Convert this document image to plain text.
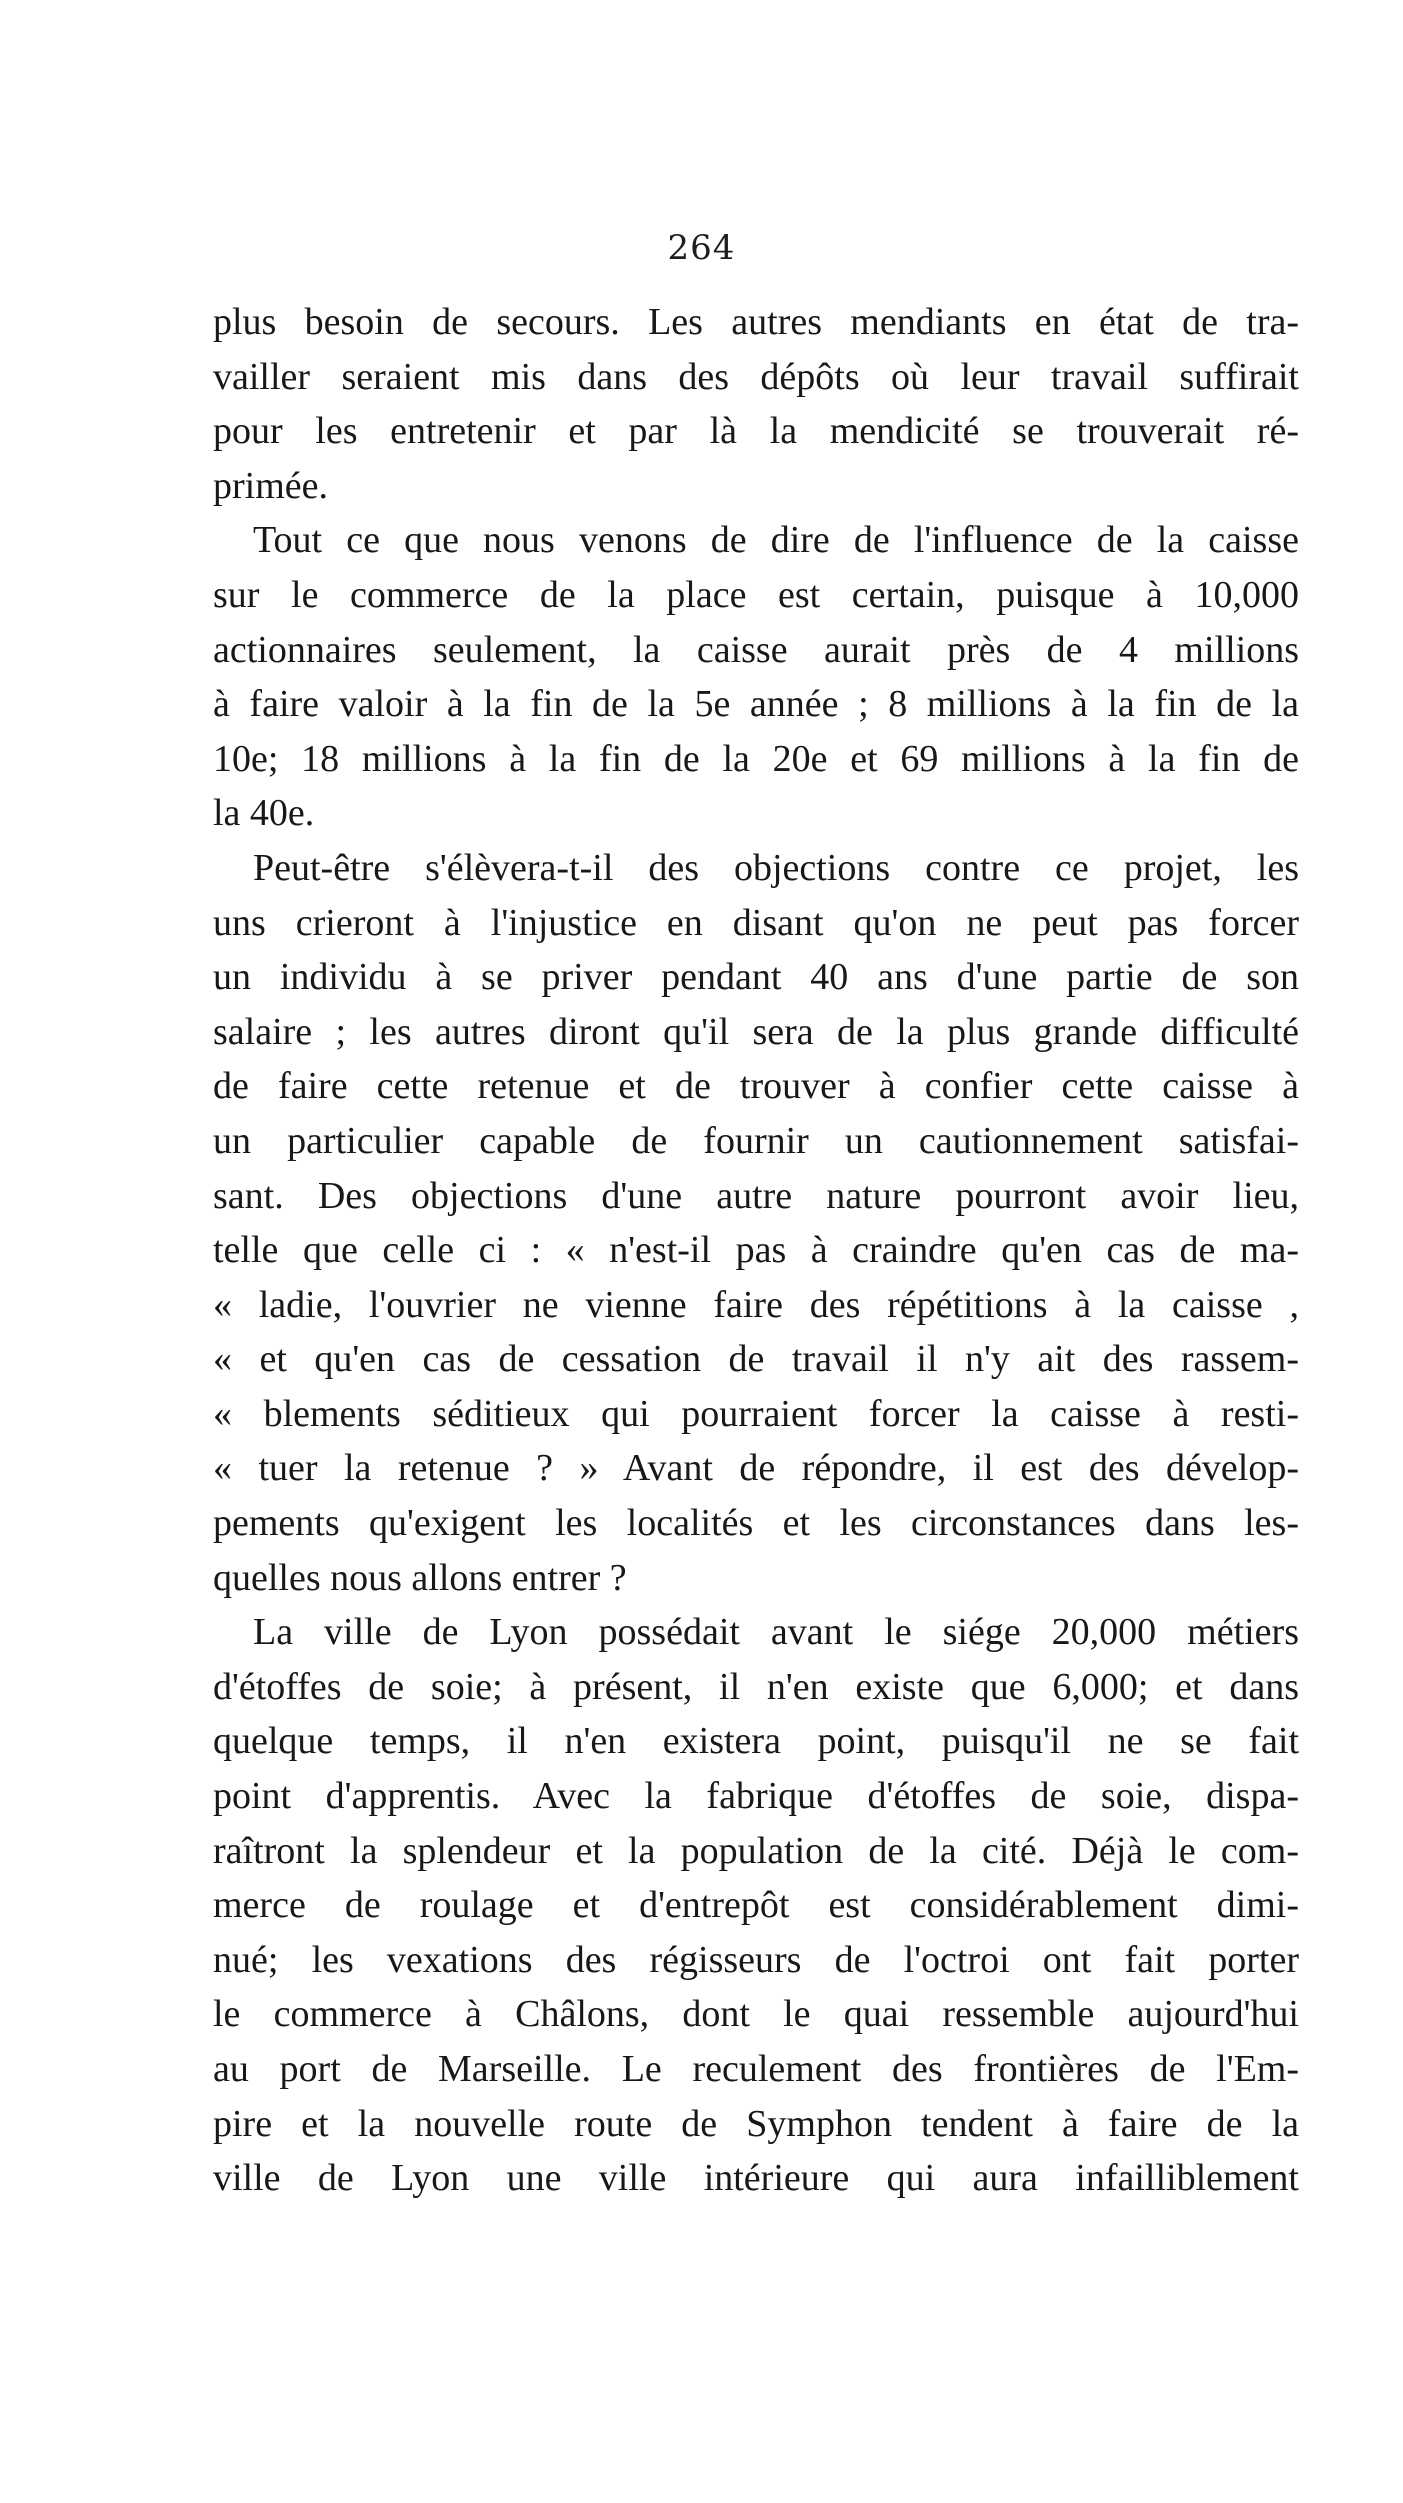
264
plus besoin de secours. Les autres mendiants en état de tra-
vailler seraient mis dans des dépôts où leur travail suffirait
pour les entretenir et par là la mendicité se trouverait ré-
primée.
Tout ce que nous venons de dire de l'influence de la caisse
sur le commerce de la place est certain, puisque à 10,000
actionnaires seulement, la caisse aurait près de 4 millions
à faire valoir à la fin de la 5e année ; 8 millions à la fin de la
10e; 18 millions à la fin de la 20e et 69 millions à la fin de
la 40e.
Peut-être s'élèvera-t-il des objections contre ce projet, les
uns crieront à l'injustice en disant qu'on ne peut pas forcer
un individu à se priver pendant 40 ans d'une partie de son
salaire ; les autres diront qu'il sera de la plus grande difficulté
de faire cette retenue et de trouver à confier cette caisse à
un particulier capable de fournir un cautionnement satisfai-
sant. Des objections d'une autre nature pourront avoir lieu,
telle que celle ci : « n'est-il pas à craindre qu'en cas de ma-
« ladie, l'ouvrier ne vienne faire des répétitions à la caisse ,
« et qu'en cas de cessation de travail il n'y ait des rassem-
« blements séditieux qui pourraient forcer la caisse à resti-
« tuer la retenue ? » Avant de répondre, il est des dévelop-
pements qu'exigent les localités et les circonstances dans les-
quelles nous allons entrer ?
La ville de Lyon possédait avant le siége 20,000 métiers
d'étoffes de soie; à présent, il n'en existe que 6,000; et dans
quelque temps, il n'en existera point, puisqu'il ne se fait
point d'apprentis. Avec la fabrique d'étoffes de soie, dispa-
raîtront la splendeur et la population de la cité. Déjà le com-
merce de roulage et d'entrepôt est considérablement dimi-
nué; les vexations des régisseurs de l'octroi ont fait porter
le commerce à Châlons, dont le quai ressemble aujourd'hui
au port de Marseille. Le reculement des frontières de l'Em-
pire et la nouvelle route de Symphon tendent à faire de la
ville de Lyon une ville intérieure qui aura infailliblement
